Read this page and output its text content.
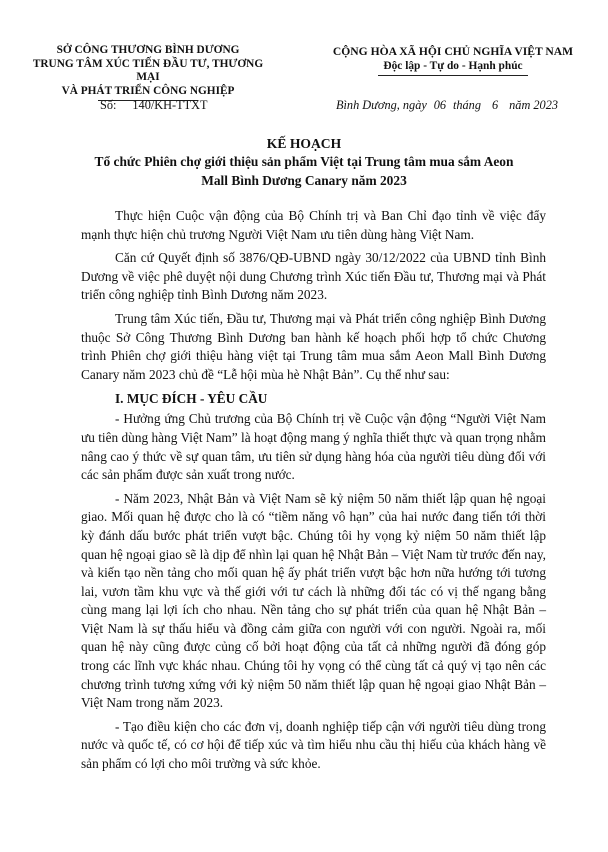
SỞ CÔNG THƯƠNG BÌNH DƯƠNG
TRUNG TÂM XÚC TIẾN ĐẦU TƯ, THƯƠNG MẠI
VÀ PHÁT TRIỂN CÔNG NGHIỆP
CỘNG HÒA XÃ HỘI CHỦ NGHĨA VIỆT NAM
Độc lập - Tự do - Hạnh phúc
Số: 140/KH-TTXT	Bình Dương, ngày 06 tháng 6 năm 2023
KẾ HOẠCH
Tổ chức Phiên chợ giới thiệu sản phẩm Việt tại Trung tâm mua sắm Aeon Mall Bình Dương Canary năm 2023

Thực hiện Cuộc vận động của Bộ Chính trị và Ban Chỉ đạo tỉnh về việc đẩy mạnh thực hiện chủ trương Người Việt Nam ưu tiên dùng hàng Việt Nam.

Căn cứ Quyết định số 3876/QĐ-UBND ngày 30/12/2022 của UBND tỉnh Bình Dương về việc phê duyệt nội dung Chương trình Xúc tiến Đầu tư, Thương mại và Phát triển công nghiệp tỉnh Bình Dương năm 2023.

Trung tâm Xúc tiến, Đầu tư, Thương mại và Phát triển công nghiệp Bình Dương thuộc Sở Công Thương Bình Dương ban hành kế hoạch phối hợp tổ chức Chương trình Phiên chợ giới thiệu hàng việt tại Trung tâm mua sắm Aeon Mall Bình Dương Canary năm 2023 chủ đề “Lễ hội mùa hè Nhật Bản”. Cụ thể như sau:

I. MỤC ĐÍCH - YÊU CẦU

- Hưởng ứng Chủ trương của Bộ Chính trị về Cuộc vận động “Người Việt Nam ưu tiên dùng hàng Việt Nam” là hoạt động mang ý nghĩa thiết thực và quan trọng nhằm nâng cao ý thức về sự quan tâm, ưu tiên sử dụng hàng hóa của người tiêu dùng đối với các sản phẩm được sản xuất trong nước.

- Năm 2023, Nhật Bản và Việt Nam sẽ kỷ niệm 50 năm thiết lập quan hệ ngoại giao. Mối quan hệ được cho là có “tiềm năng vô hạn” của hai nước đang tiến tới thời kỳ đánh dấu bước phát triển vượt bậc. Chúng tôi hy vọng kỷ niệm 50 năm thiết lập quan hệ ngoại giao sẽ là dịp để nhìn lại quan hệ Nhật Bản – Việt Nam từ trước đến nay, và kiến tạo nền tảng cho mối quan hệ ấy phát triển vượt bậc hơn nữa hướng tới tương lai, vươn tầm khu vực và thế giới với tư cách là những đối tác có vị thế ngang bằng cùng mang lại lợi ích cho nhau. Nền tảng cho sự phát triển của quan hệ Nhật Bản – Việt Nam là sự thấu hiểu và đồng cảm giữa con người với con người. Ngoài ra, mối quan hệ này cũng được củng cố bởi hoạt động của tất cả những người đã đóng góp trong các lĩnh vực khác nhau. Chúng tôi hy vọng có thể cùng tất cả quý vị tạo nên các chương trình tương xứng với kỷ niệm 50 năm thiết lập quan hệ ngoại giao Nhật Bản – Việt Nam trong năm 2023.

- Tạo điều kiện cho các đơn vị, doanh nghiệp tiếp cận với người tiêu dùng trong nước và quốc tế, có cơ hội để tiếp xúc và tìm hiểu nhu cầu thị hiếu của khách hàng về sản phẩm có lợi cho môi trường và sức khỏe.
